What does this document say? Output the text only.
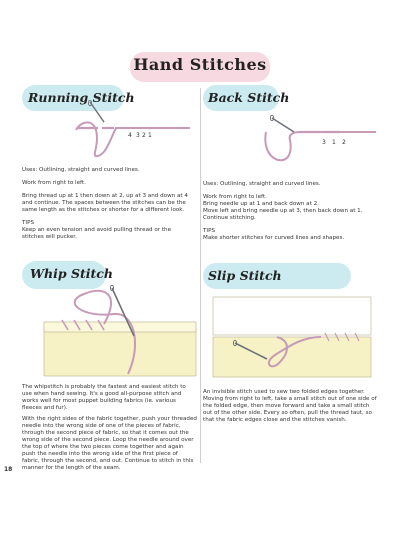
Hand Stitches
Running Stitch
4 3 2 1

Uses: Outlining, straight and curved lines.

Work from right to left.

Bring thread up at 1 then down at 2, up at 3 and down at 4 and continue. The spaces between the stitches can be the same length as the stitches or shorter for a different look.

TIPS

Keep an even tension and avoid pulling thread or the stitches will pucker.

Back Stitch
3 1 2

Uses: Outlining, straight and curved lines.

Work from right to left.

Bring needle up at 1 and back down at 2.

Move left and bring needle up at 3, then back down at 1. Continue stitching.

TIPS

Make shorter stitches for curved lines and shapes.

Whip Stitch

The whipstitch is probably the fastest and easiest stitch to use when hand sewing. It's a good all-purpose stitch and works well for most puppet building fabrics (ie. various fleeces and fur).

With the right sides of the fabric together, push your threaded needle into the wrong side of one of the pieces of fabric, through the second piece of fabric, so that it comes out the wrong side of the second piece. Loop the needle around over the top of where the two pieces come together and again push the needle into the wrong side of the first piece of fabric, through the second, and out. Continue to stitch in this manner for the length of the seam.

Slip Stitch

An invisible stitch used to sew two folded edges together. Moving from right to left, take a small stitch out of one side of the folded edge, then move forward and take a small stitch out of the other side. Every so often, pull the thread taut, so that the fabric edges close and the stitches vanish.

18
